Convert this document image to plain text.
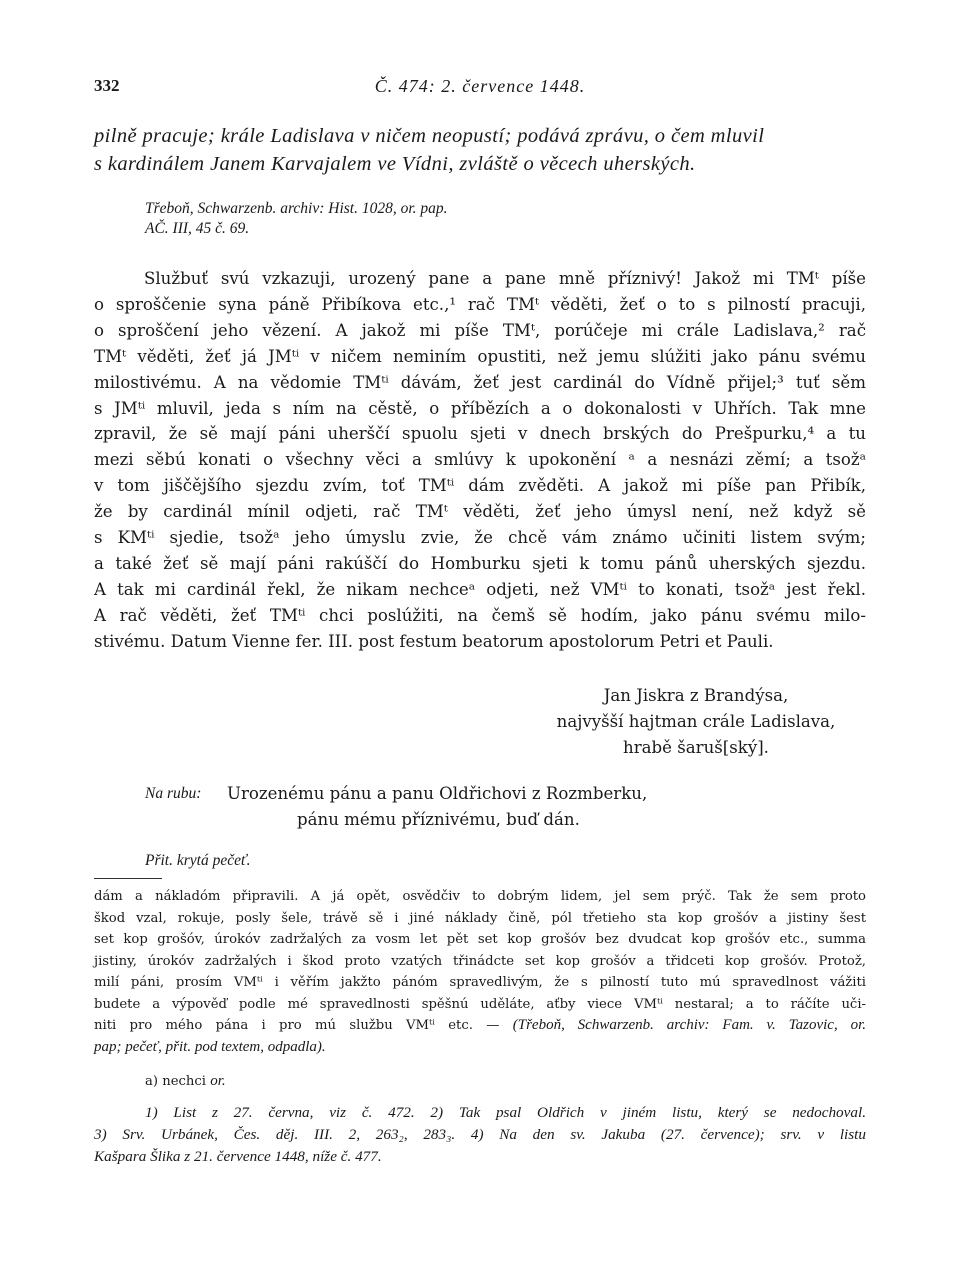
332	Č. 474: 2. července 1448.
pilně pracuje; krále Ladislava v ničem neopustí; podává zprávu, o čem mluvil
s kardinálem Janem Karvajalem ve Vídni, zvláště o věcech uherských.
Třeboň, Schwarzenb. archiv: Hist. 1028, or. pap.
AČ. III, 45 č. 69.
Službuť svú vzkazuji, urozený pane a pane mně příznivý! Jakož mi TMᵗ píše
o sproščenie syna páně Přibíkova etc.,¹ rač TMᵗ věděti, žeť o to s pilností pracuji,
o sproščení jeho vězení. A jakož mi píše TMᵗ, porúčeje mi crále Ladislava,² rač
TMᵗ věděti, žeť já JMᵗⁱ v ničem neminím opustiti, než jemu slúžiti jako pánu svému
milostivému. A na vědomie TMᵗⁱ dávám, žeť jest cardinál do Vídně přijel;³ tuť sěm
s JMᵗⁱ mluvil, jeda s ním na cěstě, o příbězích a o dokonalosti v Uhřích. Tak mne
zpravil, že sě mají páni uherščí spuolu sjeti v dnech brských do Prešpurku,⁴ a tu
mezi sěbú konati o všechny věci a smlúvy k upokonění ᵃ a nesnázi zěmí; a tsožᵃ
v tom jiščějšího sjezdu zvím, toť TMᵗⁱ dám zvěděti. A jakož mi píše pan Přibík,
že by cardinál mínil odjeti, rač TMᵗ věděti, žeť jeho úmysl není, než když sě
s KMᵗⁱ sjedie, tsožᵃ jeho úmyslu zvie, že chcě vám známo učiniti listem svým;
a také žeť sě mají páni rakúščí do Homburku sjeti k tomu pánů uherských sjezdu.
A tak mi cardinál řekl, že nikam nechceᵃ odjeti, než VMᵗⁱ to konati, tsožᵃ jest řekl.
A rač věděti, žeť TMᵗⁱ chci poslúžiti, na čemš sě hodím, jako pánu svému milo-
stivému. Datum Vienne fer. III. post festum beatorum apostolorum Petri et Pauli.
Jan Jiskra z Brandýsa,
najvyšší hajtman crále Ladislava,
hrabě šaruš[ský].
Na rubu: Urozenému pánu a panu Oldřichovi z Rozmberku,
pánu mému příznivému, buď dán.
Přit. krytá pečeť.
dám a nákladóm připravili. A já opět, osvědčiv to dobrým lidem, jel sem prýč. Tak že sem proto
škod vzal, rokuje, posly šele, trávě sě i jiné náklady čině, pól třetieho sta kop grošóv a jistiny šest
set kop grošóv, úrokóv zadržalých za vosm let pět set kop grošóv bez dvudcat kop grošóv etc., summa
jistiny, úrokóv zadržalých i škod proto vzatých třinádcte set kop grošóv a třidceti kop grošóv. Protož,
milí páni, prosím VMᵗⁱ i věřím jakžto pánóm spravedlivým, že s pilností tuto mú spravedlnost vážiti
budete a výpověď podle mé spravedlnosti spěšnú uděláte, aťby viece VMᵗⁱ nestaral; a to ráčíte uči-
niti pro mého pána i pro mú službu VMᵗⁱ etc. — (Třeboň, Schwarzenb. archiv: Fam. v. Tazovic, or.
pap; pečeť, přit. pod textem, odpadla).
a) nechci or.
1) List z 27. června, viz č. 472. 2) Tak psal Oldřich v jiném listu, který se nedochoval.
3) Srv. Urbánek, Čes. děj. III. 2, 263₂, 283₃. 4) Na den sv. Jakuba (27. července); srv. v listu
Kašpara Šlika z 21. července 1448, níže č. 477.
